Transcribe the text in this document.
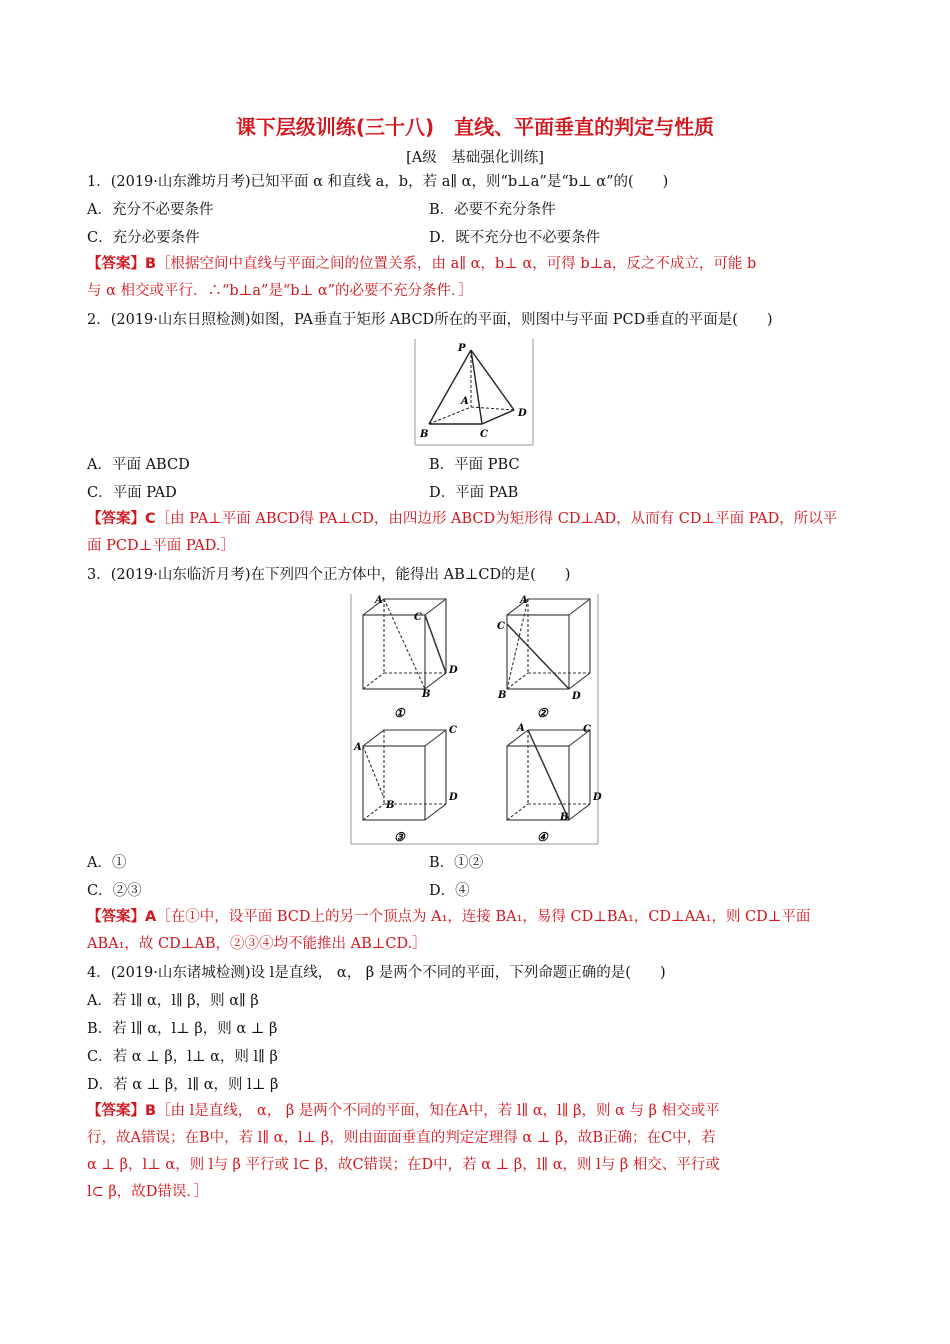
课下层级训练(三十八)　直线、平面垂直的判定与性质
[A级　基础强化训练]
1．(2019·山东潍坊月考)已知平面 α 和直线 a，b，若 a∥ α，则“b⊥a”是“b⊥ α”的(　　)
A．充分不必要条件	B．必要不充分条件
C．充分必要条件	D．既不充分也不必要条件
【答案】B［根据空间中直线与平面之间的位置关系，由 a∥ α，b⊥ α，可得 b⊥a，反之不成立，可能 b
与 α 相交或平行．∴“b⊥a”是“b⊥ α”的必要不充分条件．］
2．(2019·山东日照检测)如图，PA垂直于矩形 ABCD所在的平面，则图中与平面 PCD垂直的平面是(　　)
P
A
B	C
D
A．平面 ABCD	B．平面 PBC
C．平面 PAD	D．平面 PAB
【答案】C［由 PA⊥平面 ABCD得 PA⊥CD，由四边形 ABCD为矩形得 CD⊥AD，从而有 CD⊥平面 PAD，所以平
面 PCD⊥平面 PAD.］
3．(2019·山东临沂月考)在下列四个正方体中，能得出 AB⊥CD的是(　　)
A
B
C
D
①
A
B
C
D
②
A
B
C
D
③
A
B
C
D
④
A．①	B．①②
C．②③	D．④
【答案】A［在①中，设平面 BCD上的另一个顶点为 A₁，连接 BA₁，易得 CD⊥BA₁，CD⊥AA₁，则 CD⊥平面
ABA₁，故 CD⊥AB，②③④均不能推出 AB⊥CD.］
4．(2019·山东诸城检测)设 l是直线， α， β 是两个不同的平面，下列命题正确的是(　　)
A．若 l∥ α，l∥ β，则 α∥ β
B．若 l∥ α，l⊥ β，则 α ⊥ β
C．若 α ⊥ β，l⊥ α，则 l∥ β
D．若 α ⊥ β，l∥ α，则 l⊥ β
【答案】B［由 l是直线， α， β 是两个不同的平面，知在A中，若 l∥ α，l∥ β，则 α 与 β 相交或平
行，故A错误；在B中，若 l∥ α，l⊥ β，则由面面垂直的判定定理得 α ⊥ β，故B正确；在C中，若
α ⊥ β，l⊥ α，则 l与 β 平行或 l⊂ β，故C错误；在D中，若 α ⊥ β，l∥ α，则 l与 β 相交、平行或
l⊂ β，故D错误．］
